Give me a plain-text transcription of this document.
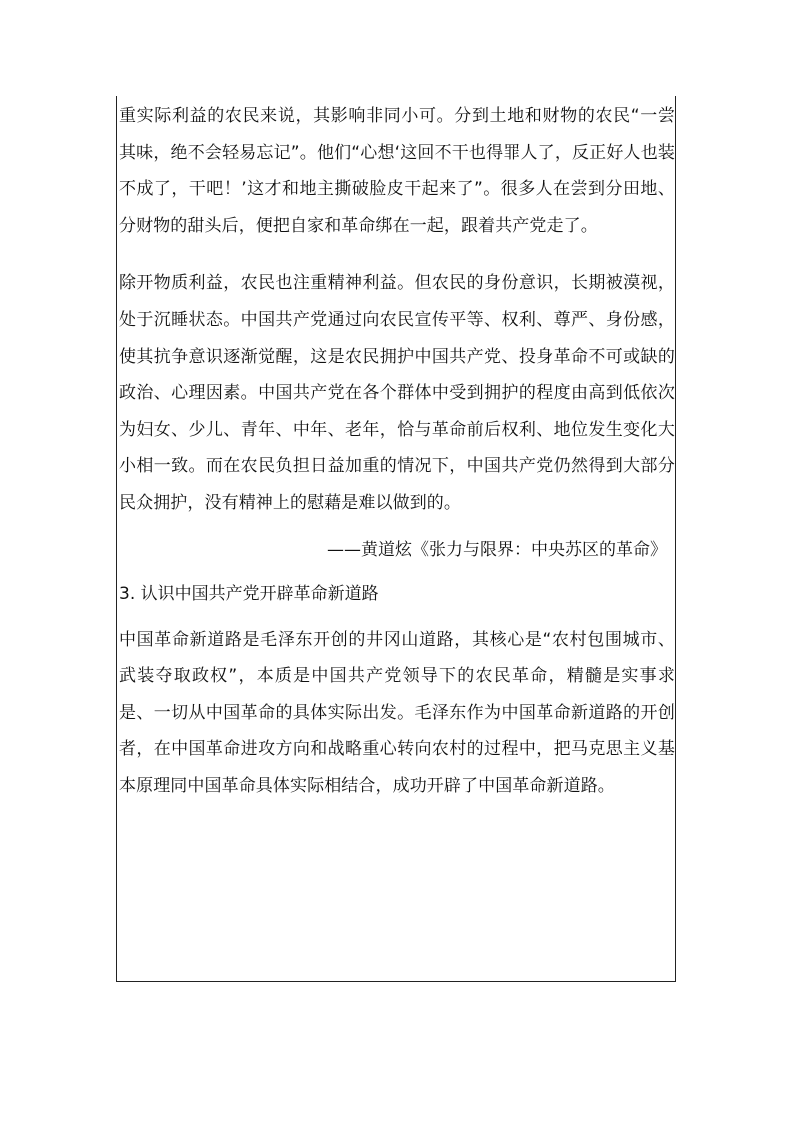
重实际利益的农民来说，其影响非同小可。分到土地和财物的农民“一尝其味，绝不会轻易忘记”。他们“心想‘这回不干也得罪人了，反正好人也装不成了，干吧！’这才和地主撕破脸皮干起来了”。很多人在尝到分田地、分财物的甜头后，便把自家和革命绑在一起，跟着共产党走了。

除开物质利益，农民也注重精神利益。但农民的身份意识，长期被漠视，处于沉睡状态。中国共产党通过向农民宣传平等、权利、尊严、身份感，使其抗争意识逐渐觉醒，这是农民拥护中国共产党、投身革命不可或缺的政治、心理因素。中国共产党在各个群体中受到拥护的程度由高到低依次为妇女、少儿、青年、中年、老年，恰与革命前后权利、地位发生变化大小相一致。而在农民负担日益加重的情况下，中国共产党仍然得到大部分民众拥护，没有精神上的慰藉是难以做到的。

——黄道炫《张力与限界：中央苏区的革命》

3. 认识中国共产党开辟革命新道路

中国革命新道路是毛泽东开创的井冈山道路，其核心是“农村包围城市、武装夺取政权”，本质是中国共产党领导下的农民革命，精髓是实事求是、一切从中国革命的具体实际出发。毛泽东作为中国革命新道路的开创者，在中国革命进攻方向和战略重心转向农村的过程中，把马克思主义基本原理同中国革命具体实际相结合，成功开辟了中国革命新道路。
